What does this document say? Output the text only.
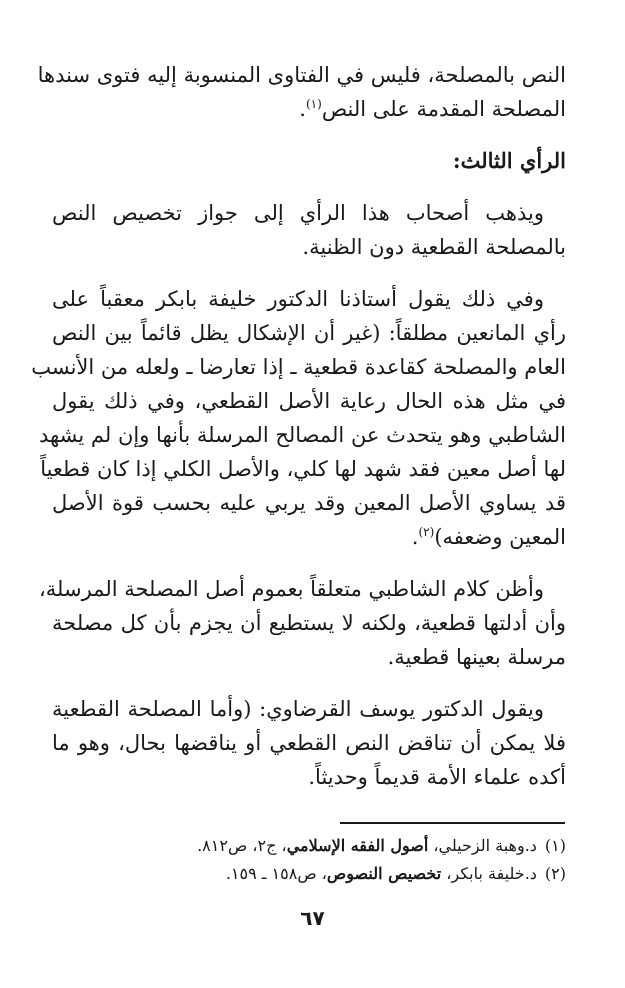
النص بالمصلحة، فليس في الفتاوى المنسوبة إليه فتوى سندها
المصلحة المقدمة على النص$^{(١)}$.
الرأي الثالث:
ويذهب أصحاب هذا الرأي إلى جواز تخصيص النص
بالمصلحة القطعية دون الظنية.
وفي ذلك يقول أستاذنا الدكتور خليفة بابكر معقباً على
رأي المانعين مطلقاً: (غير أن الإشكال يظل قائماً بين النص
العام والمصلحة كقاعدة قطعية ـ إذا تعارضا ـ ولعله من الأنسب
في مثل هذه الحال رعاية الأصل القطعي، وفي ذلك يقول
الشاطبي وهو يتحدث عن المصالح المرسلة بأنها وإن لم يشهد
لها أصل معين فقد شهد لها كلي، والأصل الكلي إذا كان قطعياً
قد يساوي الأصل المعين وقد يربي عليه بحسب قوة الأصل
المعين وضعفه)$^{(٢)}$.
وأظن كلام الشاطبي متعلقاً بعموم أصل المصلحة المرسلة،
وأن أدلتها قطعية، ولكنه لا يستطيع أن يجزم بأن كل مصلحة
مرسلة بعينها قطعية.
ويقول الدكتور يوسف القرضاوي: (وأما المصلحة القطعية
فلا يمكن أن تناقض النص القطعي أو يناقضها بحال، وهو ما
أكده علماء الأمة قديماً وحديثاً.
(١)د.وهبة الزحيلي، أصول الفقه الإسلامي، ج٢، ص٨١٢.
(٢)د.خليفة بابكر، تخصيص النصوص، ص١٥٨ ـ ١٥٩.
٦٧
